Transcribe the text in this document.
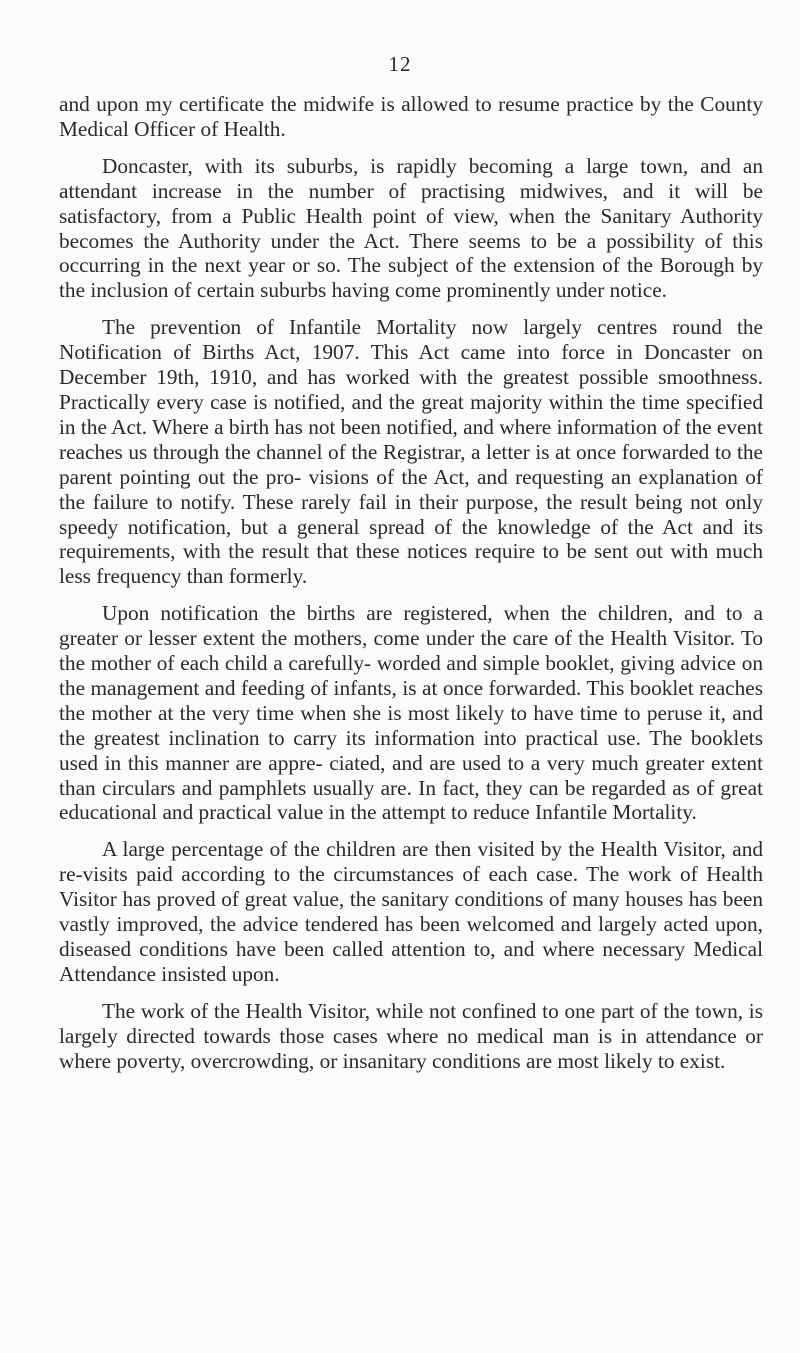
12

and upon my certificate the midwife is allowed to resume practice by the County Medical Officer of Health.

Doncaster, with its suburbs, is rapidly becoming a large town, and an attendant increase in the number of practising midwives, and it will be satisfactory, from a Public Health point of view, when the Sanitary Authority becomes the Authority under the Act. There seems to be a possibility of this occurring in the next year or so. The subject of the extension of the Borough by the inclusion of certain suburbs having come prominently under notice.

The prevention of Infantile Mortality now largely centres round the Notification of Births Act, 1907. This Act came into force in Doncaster on December 19th, 1910, and has worked with the greatest possible smoothness. Practically every case is notified, and the great majority within the time specified in the Act. Where a birth has not been notified, and where information of the event reaches us through the channel of the Registrar, a letter is at once forwarded to the parent pointing out the pro- visions of the Act, and requesting an explanation of the failure to notify. These rarely fail in their purpose, the result being not only speedy notification, but a general spread of the knowledge of the Act and its requirements, with the result that these notices require to be sent out with much less frequency than formerly.

Upon notification the births are registered, when the children, and to a greater or lesser extent the mothers, come under the care of the Health Visitor. To the mother of each child a carefully- worded and simple booklet, giving advice on the management and feeding of infants, is at once forwarded. This booklet reaches the mother at the very time when she is most likely to have time to peruse it, and the greatest inclination to carry its information into practical use. The booklets used in this manner are appre- ciated, and are used to a very much greater extent than circulars and pamphlets usually are. In fact, they can be regarded as of great educational and practical value in the attempt to reduce Infantile Mortality.

A large percentage of the children are then visited by the Health Visitor, and re-visits paid according to the circumstances of each case. The work of Health Visitor has proved of great value, the sanitary conditions of many houses has been vastly improved, the advice tendered has been welcomed and largely acted upon, diseased conditions have been called attention to, and where necessary Medical Attendance insisted upon.

The work of the Health Visitor, while not confined to one part of the town, is largely directed towards those cases where no medical man is in attendance or where poverty, overcrowding, or insanitary conditions are most likely to exist.
